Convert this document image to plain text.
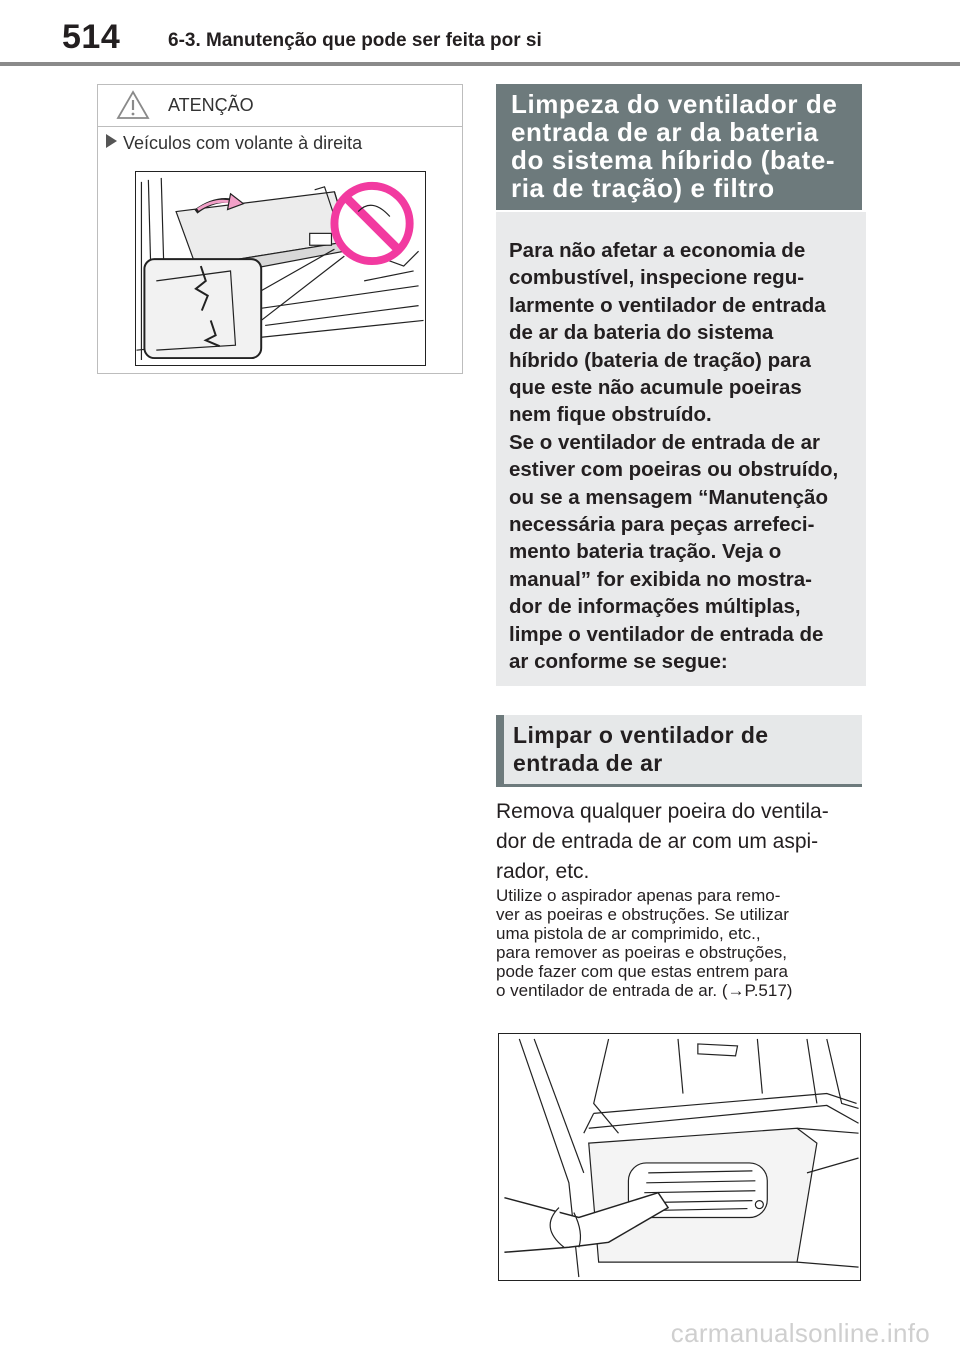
514	6-3. Manutenção que pode ser feita por si
ATENÇÃO
Veículos com volante à direita
Limpeza do ventilador de
entrada de ar da bateria
do sistema híbrido (bate-
ria de tração) e filtro

Para não afetar a economia de

combustível, inspecione regu-

larmente o ventilador de entrada

de ar da bateria do sistema

híbrido (bateria de tração) para

que este não acumule poeiras

nem fique obstruído.

Se o ventilador de entrada de ar

estiver com poeiras ou obstruído,

ou se a mensagem “Manutenção

necessária para peças arrefeci-

mento bateria tração. Veja o

manual” for exibida no mostra-

dor de informações múltiplas,

limpe o ventilador de entrada de

ar conforme se segue:

Limpar o ventilador de
entrada de ar
Remova qualquer poeira do ventila-
dor de entrada de ar com um aspi-
rador, etc.
Utilize o aspirador apenas para remo-
ver as poeiras e obstruções. Se utilizar
uma pistola de ar comprimido, etc.,
para remover as poeiras e obstruções,
pode fazer com que estas entrem para
o ventilador de entrada de ar. (→P.517)
carmanualsonline.info
